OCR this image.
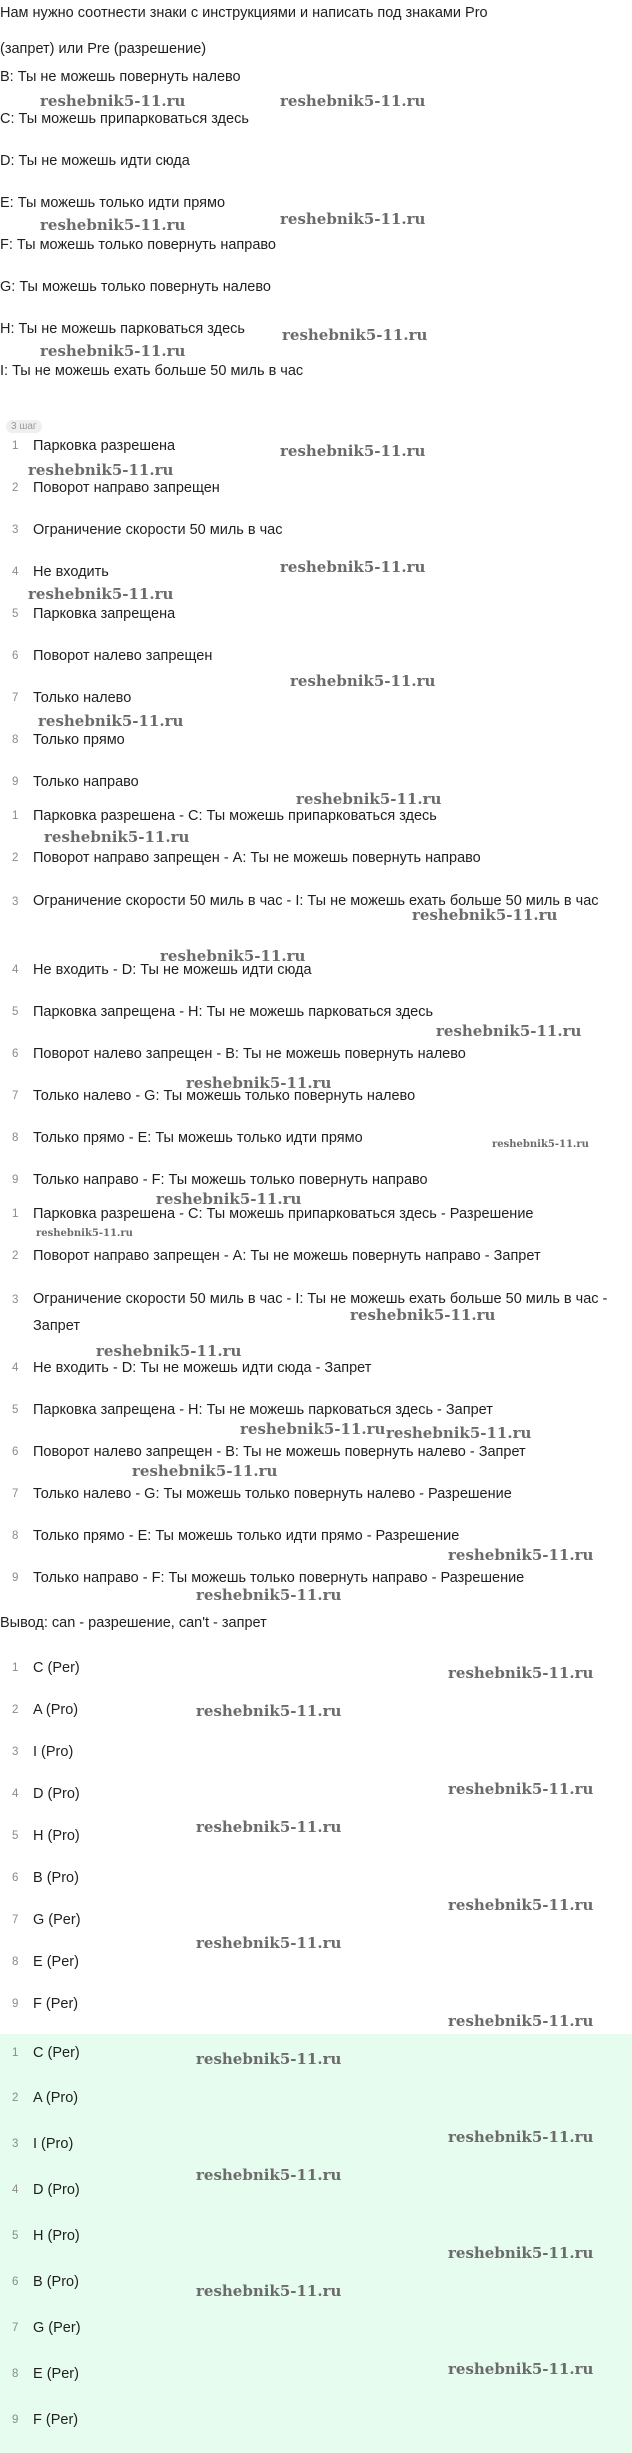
Нам нужно соотнести знаки с инструкциями и написать под знаками Pro
(запрет) или Pre (разрешение)
B: Ты не можешь повернуть налево
C: Ты можешь припарковаться здесь
D: Ты не можешь идти сюда
E: Ты можешь только идти прямо
F: Ты можешь только повернуть направо
G: Ты можешь только повернуть налево
H: Ты не можешь парковаться здесь
I: Ты не можешь ехать больше 50 миль в час
3 шаг
1 Парковка разрешена
2 Поворот направо запрещен
3 Ограничение скорости 50 миль в час
4 Не входить
5 Парковка запрещена
6 Поворот налево запрещен
7 Только налево
8 Только прямо
9 Только направо
1 Парковка разрешена - C: Ты можешь припарковаться здесь
2 Поворот направо запрещен - A: Ты не можешь повернуть направо
3 Ограничение скорости 50 миль в час - I: Ты не можешь ехать больше 50 миль в час
4 Не входить - D: Ты не можешь идти сюда
5 Парковка запрещена - H: Ты не можешь парковаться здесь
6 Поворот налево запрещен - B: Ты не можешь повернуть налево
7 Только налево - G: Ты можешь только повернуть налево
8 Только прямо - E: Ты можешь только идти прямо
9 Только направо - F: Ты можешь только повернуть направо
1 Парковка разрешена - C: Ты можешь припарковаться здесь - Разрешение
2 Поворот направо запрещен - A: Ты не можешь повернуть направо - Запрет
3 Ограничение скорости 50 миль в час - I: Ты не можешь ехать больше 50 миль в час - Запрет
4 Не входить - D: Ты не можешь идти сюда - Запрет
5 Парковка запрещена - H: Ты не можешь парковаться здесь - Запрет
6 Поворот налево запрещен - B: Ты не можешь повернуть налево - Запрет
7 Только налево - G: Ты можешь только повернуть налево - Разрешение
8 Только прямо - E: Ты можешь только идти прямо - Разрешение
9 Только направо - F: Ты можешь только повернуть направо - Разрешение
Вывод: can - разрешение, can't - запрет
1 C (Per)
2 A (Pro)
3 I (Pro)
4 D (Pro)
5 H (Pro)
6 B (Pro)
7 G (Per)
8 E (Per)
9 F (Per)
1 C (Per)
2 A (Pro)
3 I (Pro)
4 D (Pro)
5 H (Pro)
6 B (Pro)
7 G (Per)
8 E (Per)
9 F (Per)
reshebnik5-11.ru	reshebnik5-11.ru
reshebnik5-11.ru
reshebnik5-11.ru
reshebnik5-11.ru
reshebnik5-11.ru
reshebnik5-11.ru
reshebnik5-11.ru
reshebnik5-11.ru
reshebnik5-11.ru
reshebnik5-11.ru
reshebnik5-11.ru
reshebnik5-11.ru
reshebnik5-11.ru
reshebnik5-11.ru
reshebnik5-11.ru
reshebnik5-11.ru
reshebnik5-11.ru
reshebnik5-11.ru
reshebnik5-11.ru
reshebnik5-11.ru
reshebnik5-11.ru
reshebnik5-11.ru
reshebnik5-11.ru reshebnik5-11.ru
reshebnik5-11.ru
reshebnik5-11.ru
reshebnik5-11.ru
reshebnik5-11.ru
reshebnik5-11.ru
reshebnik5-11.ru
reshebnik5-11.ru
reshebnik5-11.ru
reshebnik5-11.ru
reshebnik5-11.ru
reshebnik5-11.ru
reshebnik5-11.ru
reshebnik5-11.ru
reshebnik5-11.ru
reshebnik5-11.ru
reshebnik5-11.ru
